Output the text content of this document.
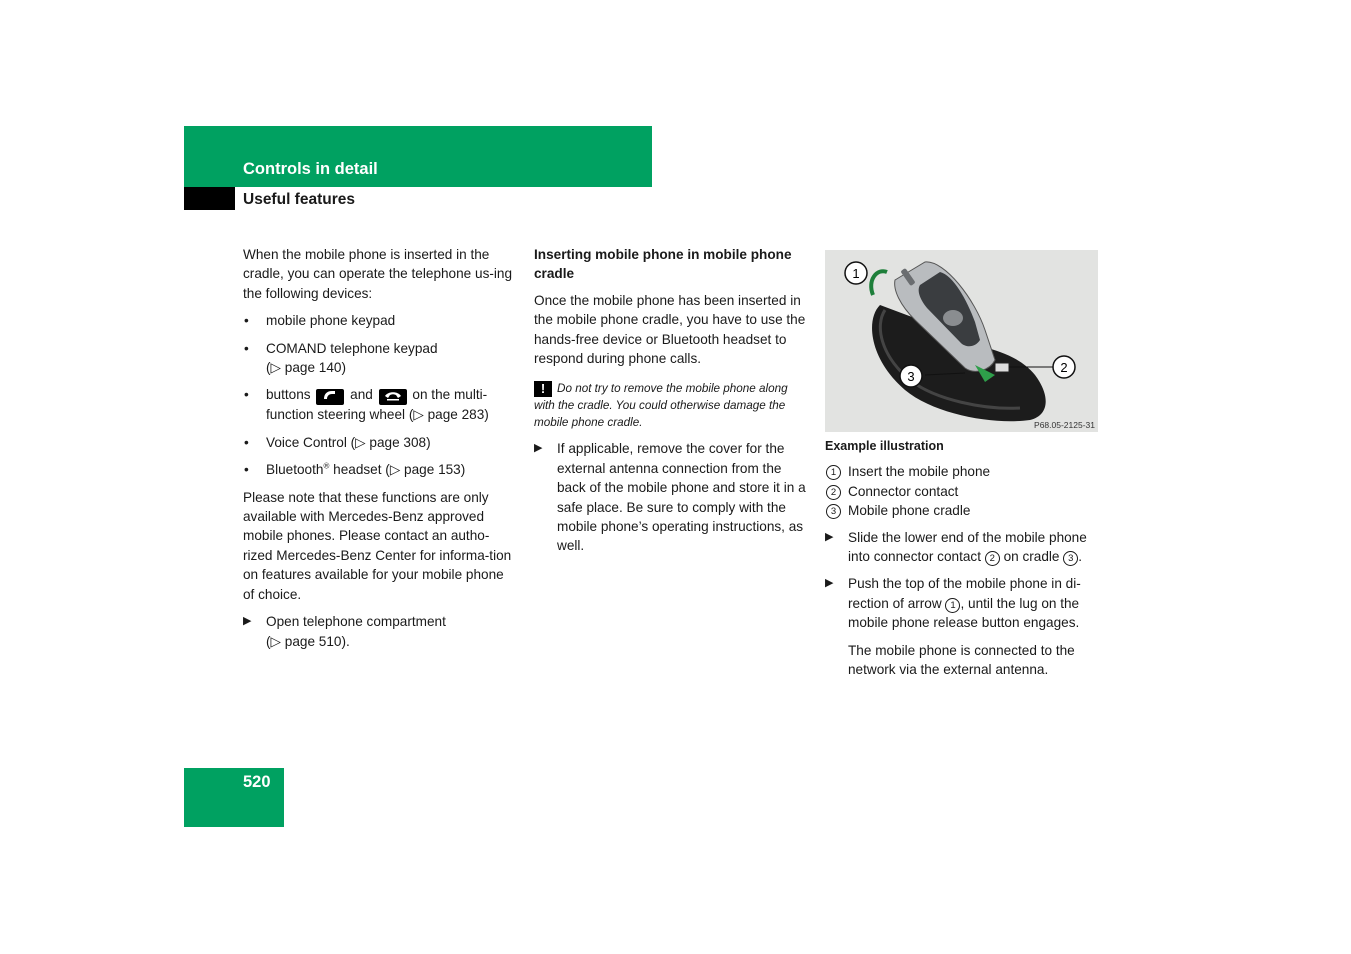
Controls in detail
Useful features

When the mobile phone is inserted in the cradle, you can operate the telephone us-ing the following devices:

• mobile phone keypad
• COMAND telephone keypad
(▷ page 140)
• buttons	and	on the multi-function steering wheel (▷ page 283)
• Voice Control (▷ page 308)
• Bluetooth® headset (▷ page 153)

Please note that these functions are only available with Mercedes-Benz approved mobile phones. Please contact an autho-rized Mercedes-Benz Center for informa-tion on features available for your mobile phone of choice.

▶ Open telephone compartment
(▷ page 510).

Inserting mobile phone in mobile phone cradle

Once the mobile phone has been inserted in the mobile phone cradle, you have to use the hands-free device or Bluetooth headset to respond during phone calls.

! Do not try to remove the mobile phone along with the cradle. You could otherwise damage the mobile phone cradle.
▶ If applicable, remove the cover for the external antenna connection from the back of the mobile phone and store it in a safe place. Be sure to comply with the mobile phone’s operating instructions, as well.
1
2
3
P68.05-2125-31

Example illustration

1 Insert the mobile phone
2 Connector contact
3 Mobile phone cradle
▶ Slide the lower end of the mobile phone into connector contact 2 on cradle 3 .
▶ Push the top of the mobile phone in di-rection of arrow 1 , until the lug on the mobile phone release button engages.

The mobile phone is connected to the network via the external antenna.

520
